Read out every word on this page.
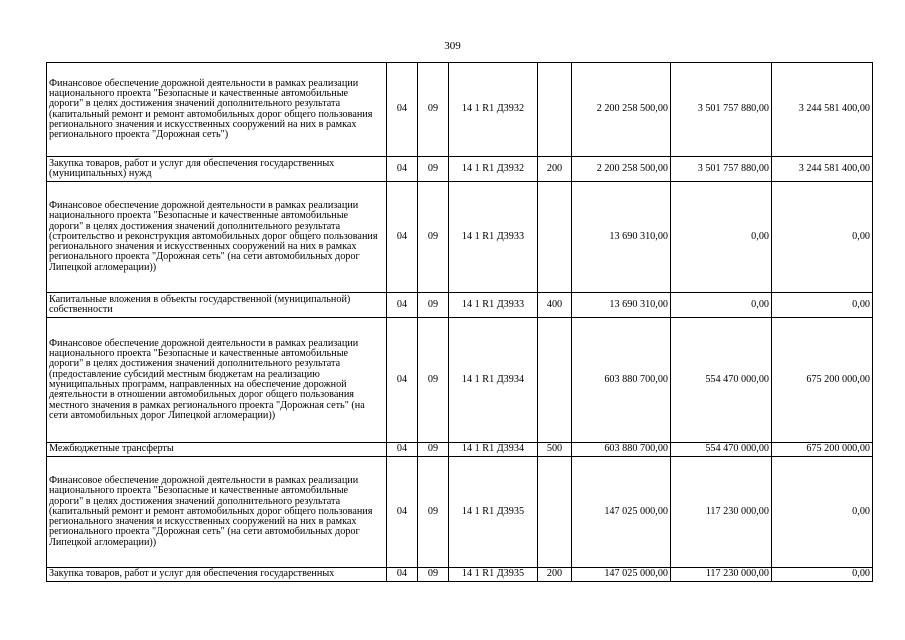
309
Финансовое обеспечение дорожной деятельности в рамках реализации национального проекта "Безопасные и качественные автомобильные дороги" в целях достижения значений дополнительного результата (капитальный ремонт и ремонт автомобильных дорог общего пользования регионального значения и искусственных сооружений на них в рамках регионального проекта "Дорожная сеть")	04	09	14 1 R1 Д3932		2 200 258 500,00	3 501 757 880,00	3 244 581 400,00
Закупка товаров, работ и услуг для обеспечения государственных (муниципальных) нужд	04	09	14 1 R1 Д3932	200	2 200 258 500,00	3 501 757 880,00	3 244 581 400,00
Финансовое обеспечение дорожной деятельности в рамках реализации национального проекта "Безопасные и качественные автомобильные дороги" в целях достижения значений дополнительного результата (строительство и реконструкция автомобильных дорог общего пользования регионального значения и искусственных сооружений на них в рамках регионального проекта "Дорожная сеть" (на сети автомобильных дорог Липецкой агломерации))	04	09	14 1 R1 Д3933		13 690 310,00	0,00	0,00
Капитальные вложения в объекты государственной (муниципальной) собственности	04	09	14 1 R1 Д3933	400	13 690 310,00	0,00	0,00
Финансовое обеспечение дорожной деятельности в рамках реализации национального проекта "Безопасные и качественные автомобильные дороги" в целях достижения значений дополнительного результата (предоставление субсидий местным бюджетам на реализацию муниципальных программ, направленных на обеспечение дорожной деятельности в отношении автомобильных дорог общего пользования местного значения в рамках регионального проекта "Дорожная сеть" (на сети автомобильных дорог Липецкой агломерации))	04	09	14 1 R1 Д3934		603 880 700,00	554 470 000,00	675 200 000,00
Межбюджетные трансферты	04	09	14 1 R1 Д3934	500	603 880 700,00	554 470 000,00	675 200 000,00
Финансовое обеспечение дорожной деятельности в рамках реализации национального проекта "Безопасные и качественные автомобильные дороги" в целях достижения значений дополнительного результата (капитальный ремонт и ремонт автомобильных дорог общего пользования регионального значения и искусственных сооружений на них в рамках регионального проекта "Дорожная сеть" (на сети автомобильных дорог Липецкой агломерации))	04	09	14 1 R1 Д3935		147 025 000,00	117 230 000,00	0,00
Закупка товаров, работ и услуг для обеспечения государственных	04	09	14 1 R1 Д3935	200	147 025 000,00	117 230 000,00	0,00
